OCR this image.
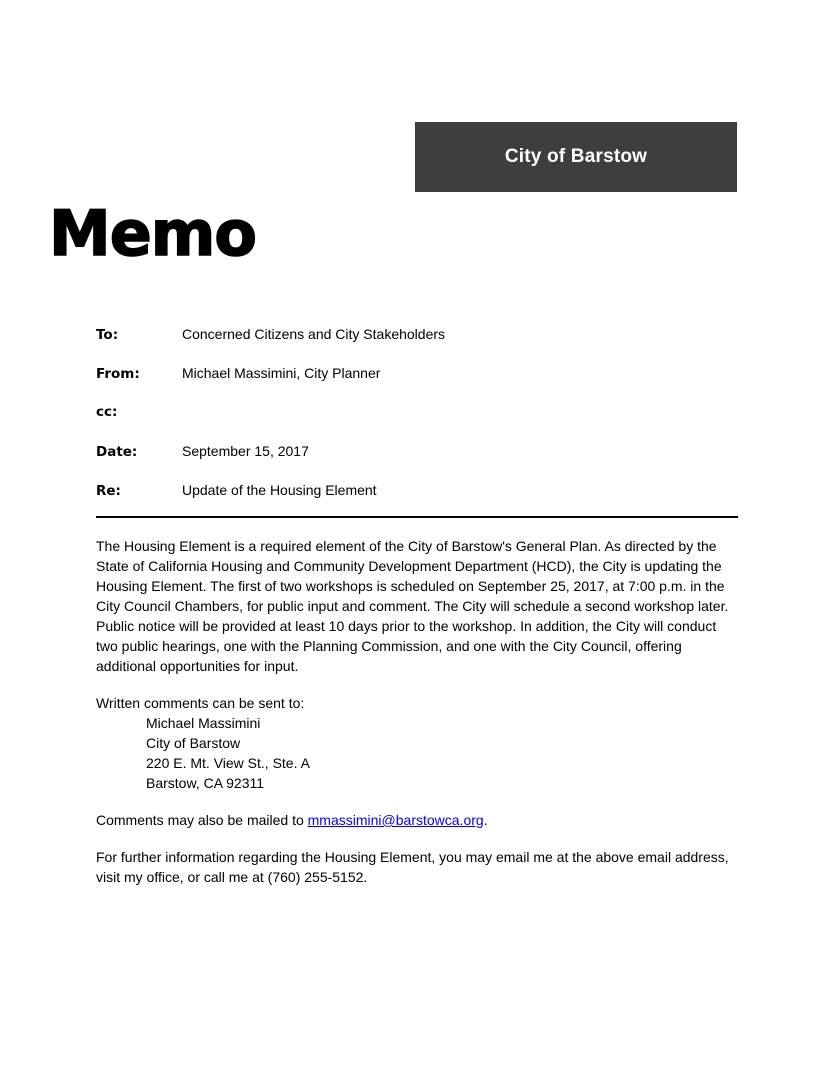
City of Barstow
Memo
To:	Concerned Citizens and City Stakeholders
From:	Michael Massimini, City Planner
cc:
Date:	September 15, 2017
Re:	Update of the Housing Element

The Housing Element is a required element of the City of Barstow's General Plan. As directed by the State of California Housing and Community Development Department (HCD), the City is updating the Housing Element. The first of two workshops is scheduled on September 25, 2017, at 7:00 p.m. in the City Council Chambers, for public input and comment. The City will schedule a second workshop later. Public notice will be provided at least 10 days prior to the workshop. In addition, the City will conduct two public hearings, one with the Planning Commission, and one with the City Council, offering additional opportunities for input.

Written comments can be sent to:
Michael Massimini
City of Barstow
220 E. Mt. View St., Ste. A
Barstow, CA 92311

Comments may also be mailed to mmassimini@barstowca.org.

For further information regarding the Housing Element, you may email me at the above email address, visit my office, or call me at (760) 255-5152.
